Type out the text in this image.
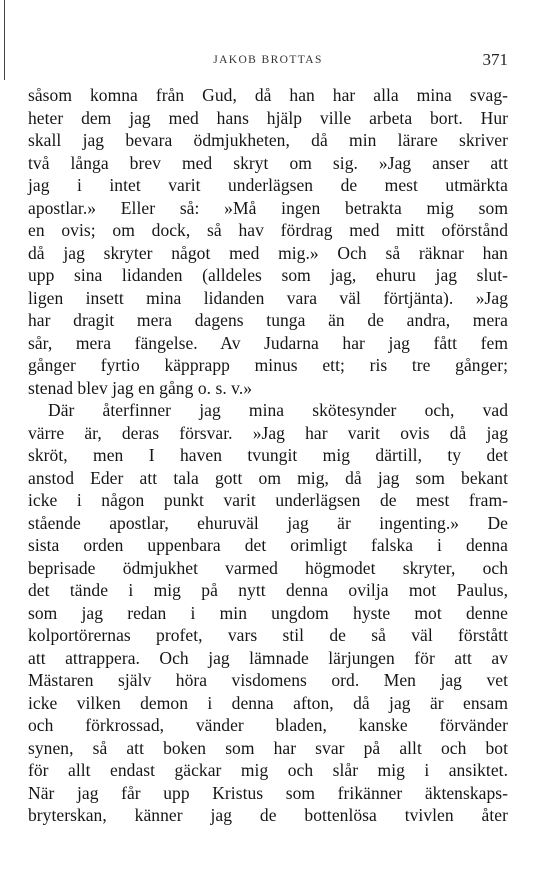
JAKOB BROTTAS	371
såsom komna från Gud, då han har alla mina svag-
heter dem jag med hans hjälp ville arbeta bort. Hur
skall jag bevara ödmjukheten, då min lärare skriver
två långa brev med skryt om sig. »Jag anser att
jag i intet varit underlägsen de mest utmärkta
apostlar.» Eller så: »Må ingen betrakta mig som
en ovis; om dock, så hav fördrag med mitt oförstånd
då jag skryter något med mig.» Och så räknar han
upp sina lidanden (alldeles som jag, ehuru jag slut-
ligen insett mina lidanden vara väl förtjänta). »Jag
har dragit mera dagens tunga än de andra, mera
sår, mera fängelse. Av Judarna har jag fått fem
gånger fyrtio käpprapp minus ett; ris tre gånger;
stenad blev jag en gång o. s. v.»
Där återfinner jag mina skötesynder och, vad
värre är, deras försvar. »Jag har varit ovis då jag
skröt, men I haven tvungit mig därtill, ty det
anstod Eder att tala gott om mig, då jag som bekant
icke i någon punkt varit underlägsen de mest fram-
stående apostlar, ehuruväl jag är ingenting.» De
sista orden uppenbara det orimligt falska i denna
beprisade ödmjukhet varmed högmodet skryter, och
det tände i mig på nytt denna ovilja mot Paulus,
som jag redan i min ungdom hyste mot denne
kolportörernas profet, vars stil de så väl förstått
att attrappera. Och jag lämnade lärjungen för att av
Mästaren själv höra visdomens ord. Men jag vet
icke vilken demon i denna afton, då jag är ensam
och förkrossad, vänder bladen, kanske förvänder
synen, så att boken som har svar på allt och bot
för allt endast gäckar mig och slår mig i ansiktet.
När jag får upp Kristus som frikänner äktenskaps-
bryterskan, känner jag de bottenlösa tvivlen åter
